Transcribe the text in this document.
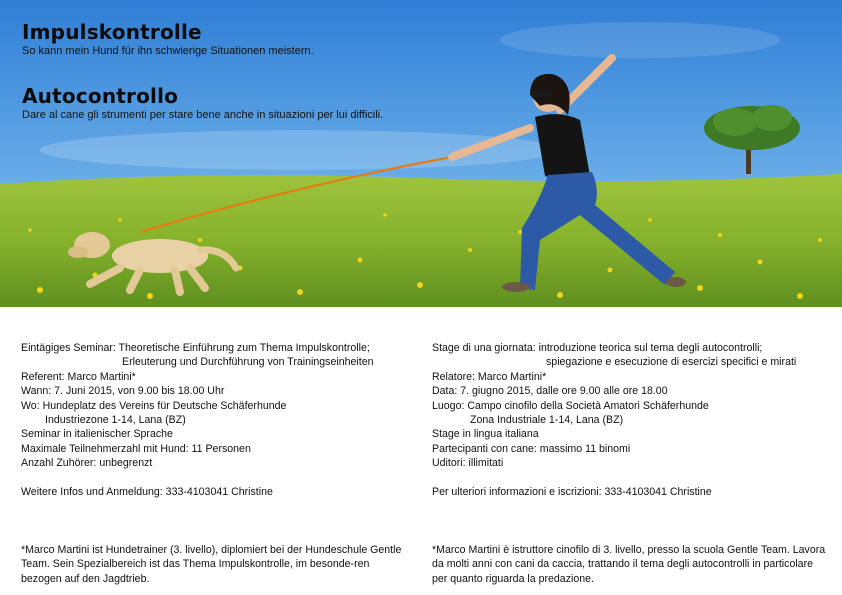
Impulskontrolle
So kann mein Hund für ihn schwierige Situationen meistern.
Autocontrollo
Dare al cane gli strumenti per stare bene anche in situazioni per lui difficili.
Eintägiges Seminar: Theoretische Einführung zum Thema Impulskontrolle;
Erleuterung und Durchführung von Trainingseinheiten
Referent: Marco Martini*
Wann: 7. Juni 2015, von 9.00 bis 18.00 Uhr
Wo: Hundeplatz des Vereins für Deutsche Schäferhunde
Industriezone 1-14, Lana (BZ)
Seminar in italienischer Sprache
Maximale Teilnehmerzahl mit Hund: 11 Personen
Anzahl Zuhörer: unbegrenzt
Weitere Infos und Anmeldung: 333-4103041 Christine
Stage di una giornata: introduzione teorica sul tema degli autocontrolli;
spiegazione e esecuzione di esercizi specifici e mirati
Relatore: Marco Martini*
Data: 7. giugno 2015, dalle ore 9.00 alle ore 18.00
Luogo: Campo cinofilo della Società Amatori Schäferhunde
Zona Industriale 1-14, Lana (BZ)
Stage in lingua italiana
Partecipanti con cane: massimo 11 binomi
Uditori: illimitati
Per ulteriori informazioni e iscrizioni: 333-4103041 Christine
*Marco Martini ist Hundetrainer (3. livello), diplomiert bei der Hundeschule Gentle Team. Sein Spezialbereich ist das Thema Impulskontrolle, im besonde-ren bezogen auf den Jagdtrieb.
*Marco Martini è istruttore cinofilo di 3. livello, presso la scuola Gentle Team. Lavora da molti anni con cani da caccia, trattando il tema degli autocontrolli in particolare per quanto riguarda la predazione.
